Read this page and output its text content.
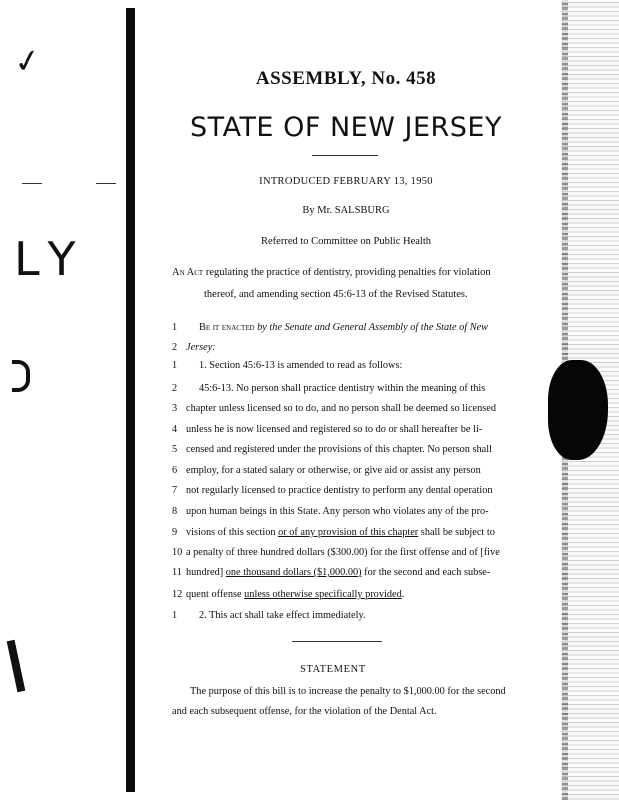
✓
LY
ASSEMBLY, No. 458
STATE OF NEW JERSEY
INTRODUCED FEBRUARY 13, 1950
By Mr. SALSBURG
Referred to Committee on Public Health
An Act regulating the practice of dentistry, providing penalties for violation
thereof, and amending section 45:6-13 of the Revised Statutes.
1	Be it enacted by the Senate and General Assembly of the State of New
2 Jersey:
1	1. Section 45:6-13 is amended to read as follows:
2	45:6-13. No person shall practice dentistry within the meaning of this
3 chapter unless licensed so to do, and no person shall be deemed so licensed
4 unless he is now licensed and registered so to do or shall hereafter be li-
5 censed and registered under the provisions of this chapter. No person shall
6 employ, for a stated salary or otherwise, or give aid or assist any person
7 not regularly licensed to practice dentistry to perform any dental operation
8 upon human beings in this State. Any person who violates any of the pro-
9 visions of this section or of any provision of this chapter shall be subject to
10 a penalty of three hundred dollars ($300.00) for the first offense and of [five
11 hundred] one thousand dollars ($1,000.00) for the second and each subse-
12 quent offense unless otherwise specifically provided.
1	2. This act shall take effect immediately.
STATEMENT
The purpose of this bill is to increase the penalty to $1,000.00 for the second and each subsequent offense, for the violation of the Dental Act.
